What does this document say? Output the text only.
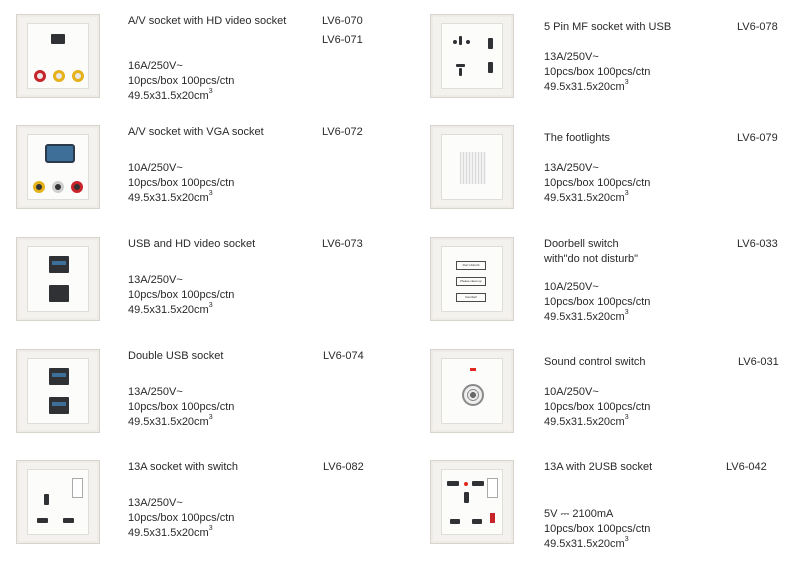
A/V socket with HD video socket	LV6-070
LV6-071
16A/250V~
10pcs/box 100pcs/ctn
$49.5x31.5x20cm^3$
A/V socket with VGA socket	LV6-072
10A/250V~
10pcs/box 100pcs/ctn
$49.5x31.5x20cm^3$
USB and HD video socket	LV6-073
13A/250V~
10pcs/box 100pcs/ctn
$49.5x31.5x20cm^3$
Double USB socket	LV6-074
13A/250V~
10pcs/box 100pcs/ctn
$49.5x31.5x20cm^3$
13A socket with switch	LV6-082
13A/250V~
10pcs/box 100pcs/ctn
$49.5x31.5x20cm^3$
5 Pin MF socket with USB	LV6-078
13A/250V~
10pcs/box 100pcs/ctn
$49.5x31.5x20cm^3$
The footlights	LV6-079
13A/250V~
10pcs/box 100pcs/ctn
$49.5x31.5x20cm^3$
Don't disturb
Please clean up
Doorbell
Doorbell switch
with"do not disturb"
LV6-033
10A/250V~
10pcs/box 100pcs/ctn
$49.5x31.5x20cm^3$
Sound control switch	LV6-031
10A/250V~
10pcs/box 100pcs/ctn
$49.5x31.5x20cm^3$
13A with 2USB socket	LV6-042
5V ⎓ 2100mA
10pcs/box 100pcs/ctn
$49.5x31.5x20cm^3$
